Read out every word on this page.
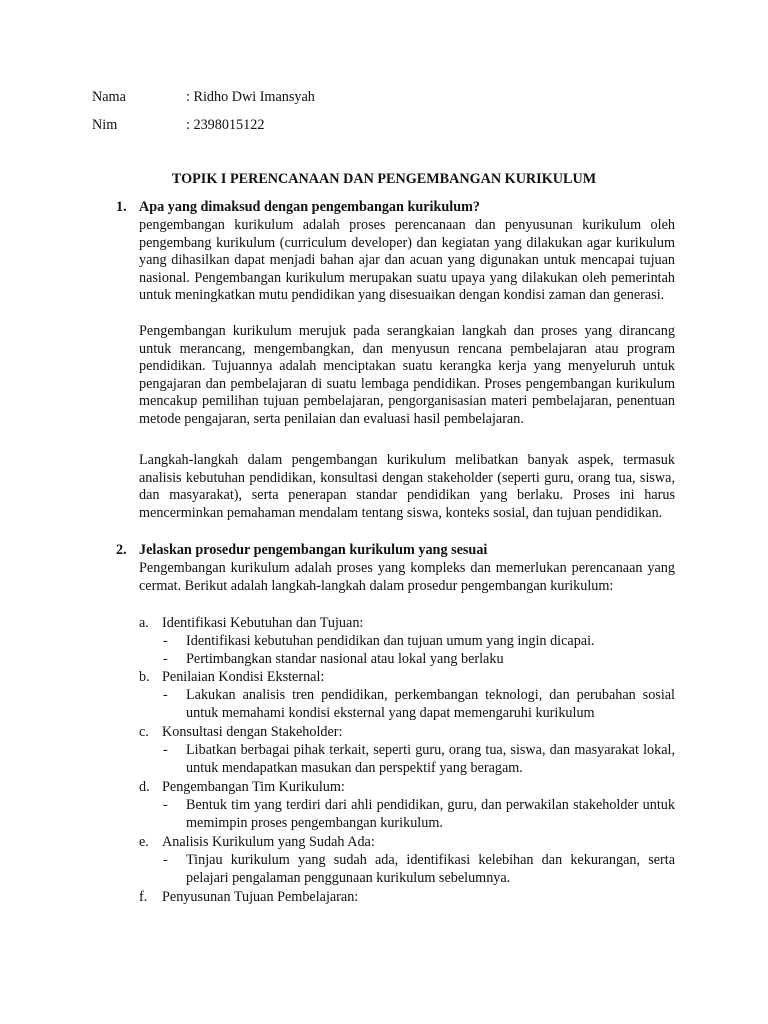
Nama	: Ridho Dwi Imansyah
Nim	: 2398015122
TOPIK I PERENCANAAN DAN PENGEMBANGAN KURIKULUM
1. Apa yang dimaksud dengan pengembangan kurikulum?

pengembangan kurikulum adalah proses perencanaan dan penyusunan kurikulum oleh pengembang kurikulum (curriculum developer) dan kegiatan yang dilakukan agar kurikulum yang dihasilkan dapat menjadi bahan ajar dan acuan yang digunakan untuk mencapai tujuan nasional. Pengembangan kurikulum merupakan suatu upaya yang dilakukan oleh pemerintah untuk meningkatkan mutu pendidikan yang disesuaikan dengan kondisi zaman dan generasi.

Pengembangan kurikulum merujuk pada serangkaian langkah dan proses yang dirancang untuk merancang, mengembangkan, dan menyusun rencana pembelajaran atau program pendidikan. Tujuannya adalah menciptakan suatu kerangka kerja yang menyeluruh untuk pengajaran dan pembelajaran di suatu lembaga pendidikan. Proses pengembangan kurikulum mencakup pemilihan tujuan pembelajaran, pengorganisasian materi pembelajaran, penentuan metode pengajaran, serta penilaian dan evaluasi hasil pembelajaran.

Langkah-langkah dalam pengembangan kurikulum melibatkan banyak aspek, termasuk analisis kebutuhan pendidikan, konsultasi dengan stakeholder (seperti guru, orang tua, siswa, dan masyarakat), serta penerapan standar pendidikan yang berlaku. Proses ini harus mencerminkan pemahaman mendalam tentang siswa, konteks sosial, dan tujuan pendidikan.

2. Jelaskan prosedur pengembangan kurikulum yang sesuai

Pengembangan kurikulum adalah proses yang kompleks dan memerlukan perencanaan yang cermat. Berikut adalah langkah-langkah dalam prosedur pengembangan kurikulum:

a. Identifikasi Kebutuhan dan Tujuan:
- Identifikasi kebutuhan pendidikan dan tujuan umum yang ingin dicapai.

- Pertimbangkan standar nasional atau lokal yang berlaku

b. Penilaian Kondisi Eksternal:
- Lakukan analisis tren pendidikan, perkembangan teknologi, dan perubahan sosial untuk memahami kondisi eksternal yang dapat memengaruhi kurikulum

c. Konsultasi dengan Stakeholder:
- Libatkan berbagai pihak terkait, seperti guru, orang tua, siswa, dan masyarakat lokal, untuk mendapatkan masukan dan perspektif yang beragam.

d. Pengembangan Tim Kurikulum:
- Bentuk tim yang terdiri dari ahli pendidikan, guru, dan perwakilan stakeholder untuk memimpin proses pengembangan kurikulum.

e. Analisis Kurikulum yang Sudah Ada:
- Tinjau kurikulum yang sudah ada, identifikasi kelebihan dan kekurangan, serta pelajari pengalaman penggunaan kurikulum sebelumnya.

f. Penyusunan Tujuan Pembelajaran:
